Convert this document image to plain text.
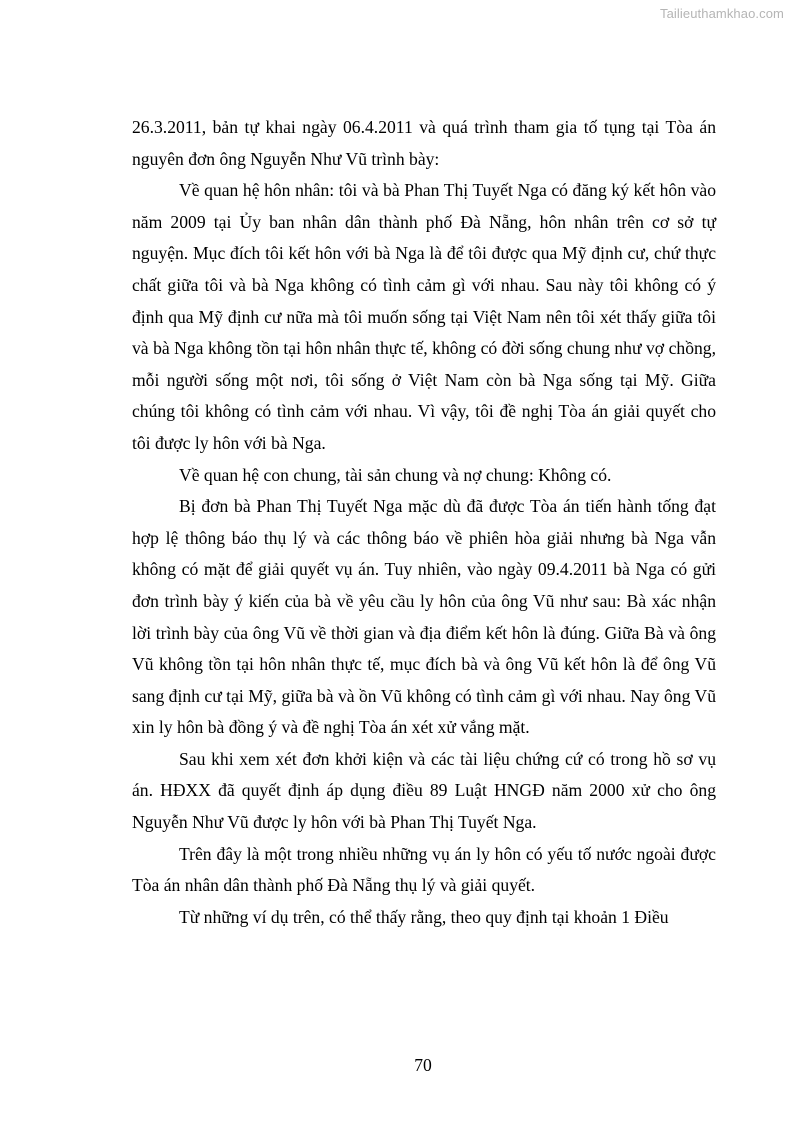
Tailieuthamkhao.com

26.3.2011, bản tự khai ngày 06.4.2011 và quá trình tham gia tố tụng tại Tòa án nguyên đơn ông Nguyễn Như Vũ trình bày:

Về quan hệ hôn nhân: tôi và bà Phan Thị Tuyết Nga có đăng ký kết hôn vào năm 2009 tại Ủy ban nhân dân thành phố Đà Nẵng, hôn nhân trên cơ sở tự nguyện. Mục đích tôi kết hôn với bà Nga là để tôi được qua Mỹ định cư, chứ thực chất giữa tôi và bà Nga không có tình cảm gì với nhau. Sau này tôi không có ý định qua Mỹ định cư nữa mà tôi muốn sống tại Việt Nam nên tôi xét thấy giữa tôi và bà Nga không tồn tại hôn nhân thực tế, không có đời sống chung như vợ chồng, mỗi người sống một nơi, tôi sống ở Việt Nam còn bà Nga sống tại Mỹ. Giữa chúng tôi không có tình cảm với nhau. Vì vậy, tôi đề nghị Tòa án giải quyết cho tôi được ly hôn với bà Nga.

Về quan hệ con chung, tài sản chung và nợ chung: Không có.

Bị đơn bà Phan Thị Tuyết Nga mặc dù đã được Tòa án tiến hành tống đạt hợp lệ thông báo thụ lý và các thông báo về phiên hòa giải nhưng bà Nga vẫn không có mặt để giải quyết vụ án. Tuy nhiên, vào ngày 09.4.2011 bà Nga có gửi đơn trình bày ý kiến của bà về yêu cầu ly hôn của ông Vũ như sau: Bà xác nhận lời trình bày của ông Vũ về thời gian và địa điểm kết hôn là đúng. Giữa Bà và ông Vũ không tồn tại hôn nhân thực tế, mục đích bà và ông Vũ kết hôn là để ông Vũ sang định cư tại Mỹ, giữa bà và ồn Vũ không có tình cảm gì với nhau. Nay ông Vũ xin ly hôn bà đồng ý và đề nghị Tòa án xét xử vắng mặt.

Sau khi xem xét đơn khởi kiện và các tài liệu chứng cứ có trong hồ sơ vụ án. HĐXX đã quyết định áp dụng điều 89 Luật HNGĐ năm 2000 xử cho ông Nguyễn Như Vũ được ly hôn với bà Phan Thị Tuyết Nga.

Trên đây là một trong nhiều những vụ án ly hôn có yếu tố nước ngoài được Tòa án nhân dân thành phố Đà Nẵng thụ lý và giải quyết.

Từ những ví dụ trên, có thể thấy rằng, theo quy định tại khoản 1 Điều

70
